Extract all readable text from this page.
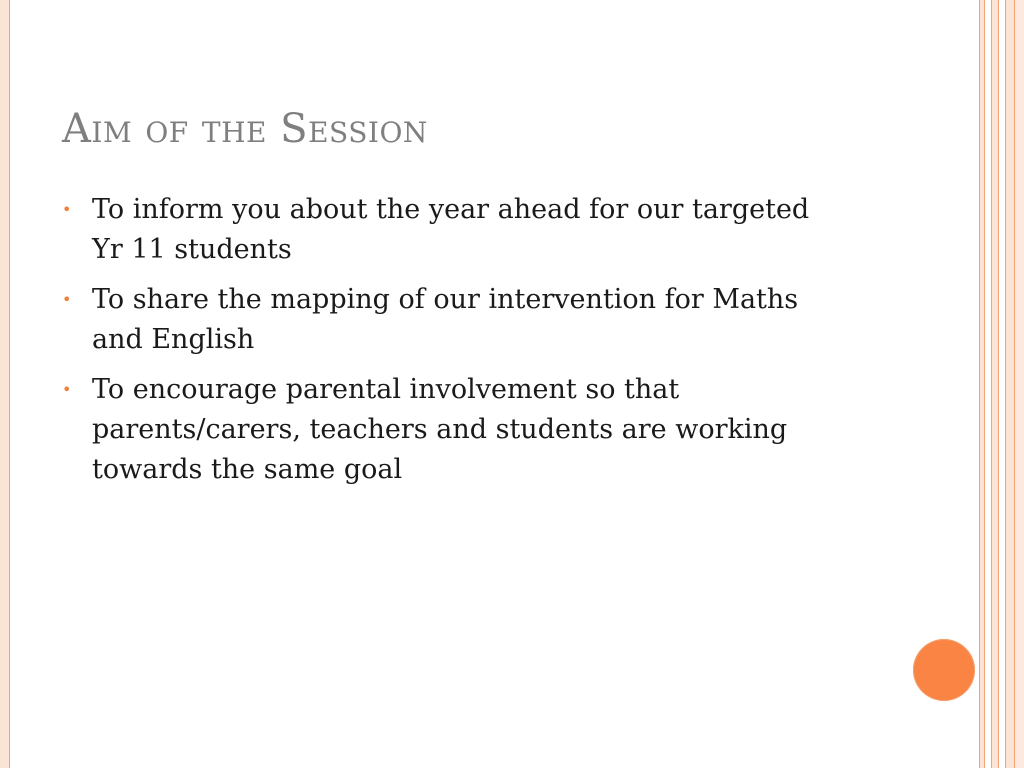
Aim of the Session
• To inform you about the year ahead for our targeted Yr 11 students
• To share the mapping of our intervention for Maths and English
• To encourage parental involvement so that parents/carers, teachers and students are working towards the same goal
